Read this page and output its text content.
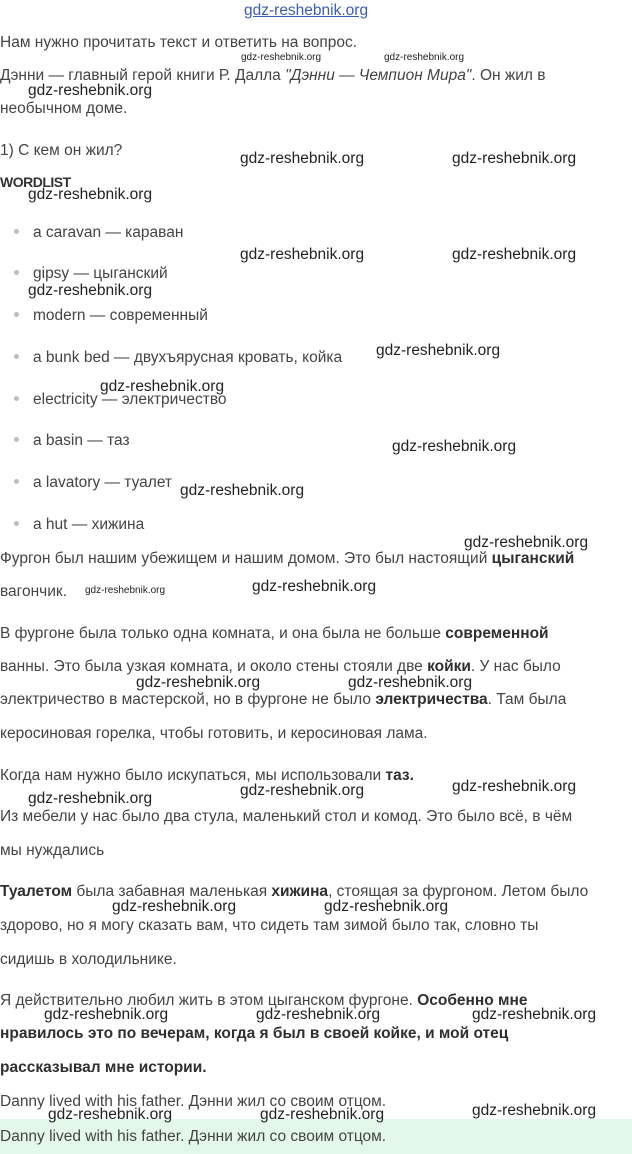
gdz-reshebnik.org
Нам нужно прочитать текст и ответить на вопрос.
gdz-reshebnik.org	gdz-reshebnik.org
Дэнни — главный герой книги Р. Далла "Дэнни — Чемпион Мира". Он жил в
gdz-reshebnik.org
необычном доме.
1) С кем он жил?	gdz-reshebnik.org	gdz-reshebnik.org
WORDLIST
gdz-reshebnik.org
a caravan — караван
gdz-reshebnik.org	gdz-reshebnik.org
gipsy — цыганский
gdz-reshebnik.org
modern — современный
a bunk bed — двухъярусная кровать, койка gdz-reshebnik.org
gdz-reshebnik.org
electricity — электричество
a basin — таз	gdz-reshebnik.org
a lavatory — туалет gdz-reshebnik.org
a hut — хижина
gdz-reshebnik.org
Фургон был нашим убежищем и нашим домом. Это был настоящий цыганский
вагончик. gdz-reshebnik.org	gdz-reshebnik.org
В фургоне была только одна комната, и она была не больше современной
ванны. Это была узкая комната, и около стены стояли две койки. У нас было
gdz-reshebnik.org	gdz-reshebnik.org
электричество в мастерской, но в фургоне не было электричества. Там была
керосиновая горелка, чтобы готовить, и керосиновая лама.
Когда нам нужно было искупаться, мы использовали таз.
gdz-reshebnik.org	gdz-reshebnik.org
gdz-reshebnik.org
Из мебели у нас было два стула, маленький стол и комод. Это было всё, в чём
мы нуждались
Туалетом была забавная маленькая хижина, стоящая за фургоном. Летом было
gdz-reshebnik.org	gdz-reshebnik.org
здорово, но я могу сказать вам, что сидеть там зимой было так, словно ты
сидишь в холодильнике.
Я действительно любил жить в этом цыганском фургоне. Особенно мне
gdz-reshebnik.org	gdz-reshebnik.org	gdz-reshebnik.org
нравилось это по вечерам, когда я был в своей койке, и мой отец
рассказывал мне истории.
Danny lived with his father. Дэнни жил со своим отцом.
gdz-reshebnik.org	gdz-reshebnik.org	gdz-reshebnik.org
Danny lived with his father. Дэнни жил со своим отцом.
